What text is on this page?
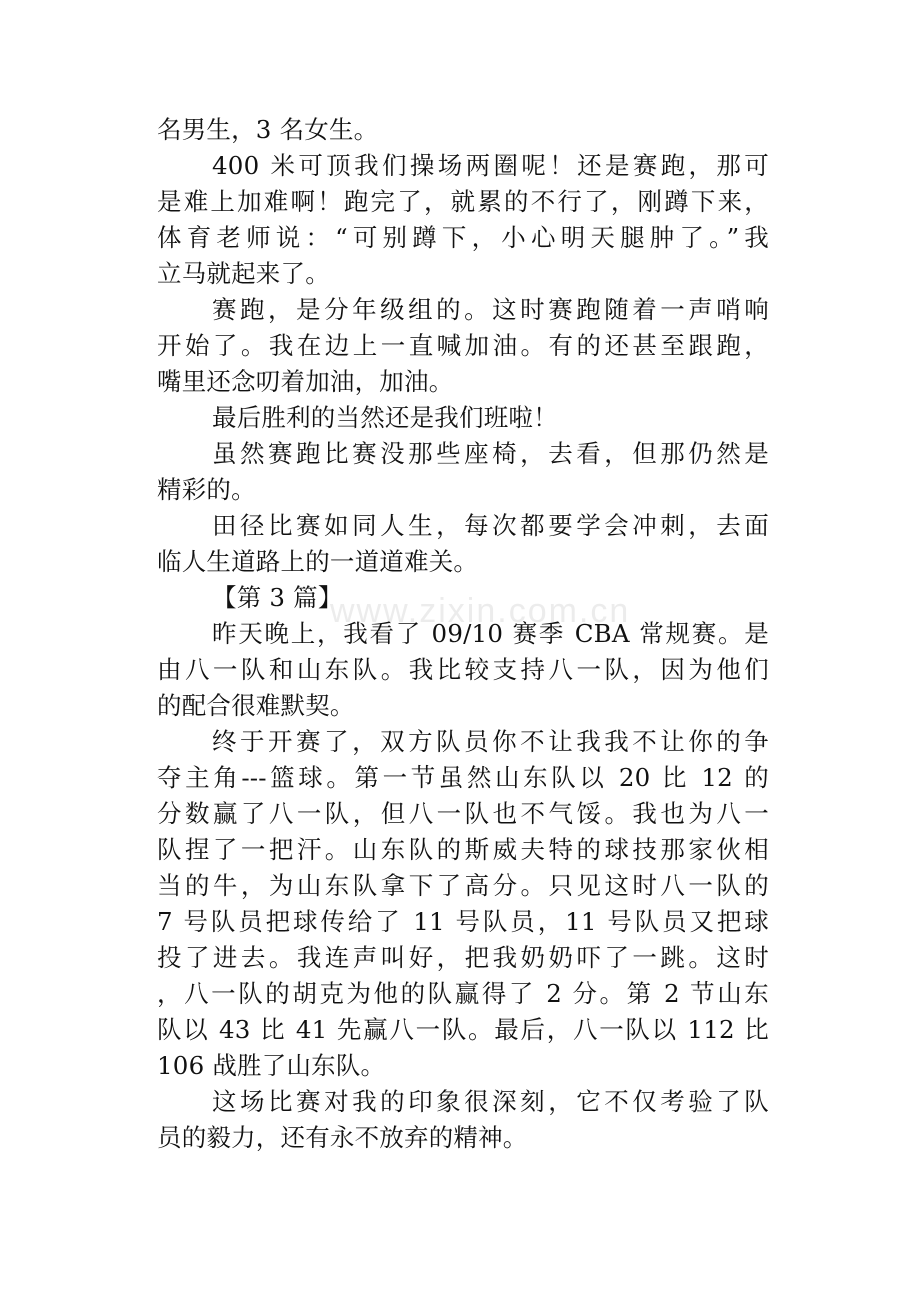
www.zixin.com.cn
名男生，3 名女生。
400 米可顶我们操场两圈呢！还是赛跑，那可
是难上加难啊！跑完了，就累的不行了，刚蹲下来，
体育老师说：“可别蹲下，小心明天腿肿了。”我
立马就起来了。
赛跑，是分年级组的。这时赛跑随着一声哨响
开始了。我在边上一直喊加油。有的还甚至跟跑，
嘴里还念叨着加油，加油。
最后胜利的当然还是我们班啦！
虽然赛跑比赛没那些座椅，去看，但那仍然是
精彩的。
田径比赛如同人生，每次都要学会冲刺，去面
临人生道路上的一道道难关。
【第 3 篇】
昨天晚上，我看了 09/10 赛季 CBA 常规赛。是
由八一队和山东队。我比较支持八一队，因为他们
的配合很难默契。
终于开赛了，双方队员你不让我我不让你的争
夺主角---篮球。第一节虽然山东队以 20 比 12 的
分数赢了八一队，但八一队也不气馁。我也为八一
队捏了一把汗。山东队的斯威夫特的球技那家伙相
当的牛，为山东队拿下了高分。只见这时八一队的
7 号队员把球传给了 11 号队员，11 号队员又把球
投了进去。我连声叫好，把我奶奶吓了一跳。这时
，八一队的胡克为他的队赢得了 2 分。第 2 节山东
队以 43 比 41 先赢八一队。最后，八一队以 112 比
106 战胜了山东队。
这场比赛对我的印象很深刻，它不仅考验了队
员的毅力，还有永不放弃的精神。
